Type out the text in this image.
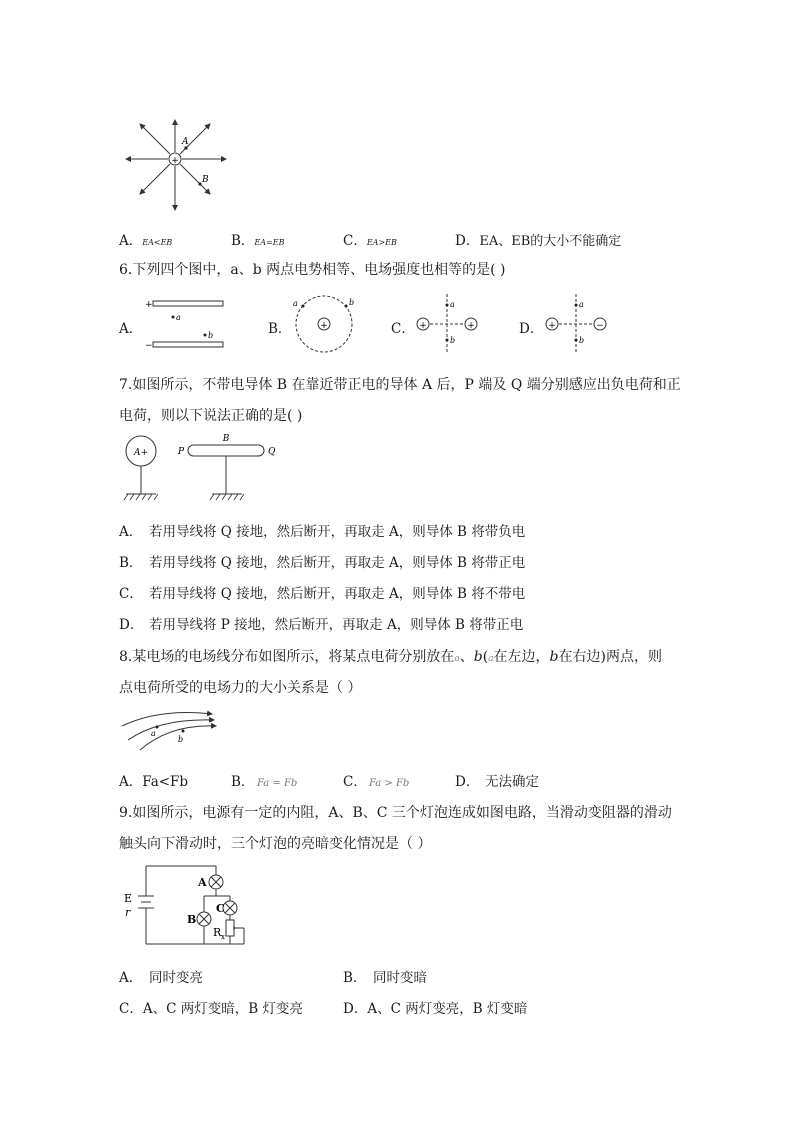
+
A
B
A．EA<EB	B．EA=EB	C．EA>EB	D．EA、EB的大小不能确定
6.下列四个图中，a、b 两点电势相等、电场强度也相等的是( )
A．
+
−
a
b	B．	+
a	b
C． +	+
a
b
D． +	−
a
b
7.如图所示，不带电导体 B 在靠近带正电的导体 A 后，P 端及 Q 端分别感应出负电荷和正
电荷，则以下说法正确的是( )
A+
B
P	Q
A． 若用导线将 Q 接地，然后断开，再取走 A，则导体 B 将带负电
B． 若用导线将 Q 接地，然后断开，再取走 A，则导体 B 将带正电
C． 若用导线将 Q 接地，然后断开，再取走 A，则导体 B 将不带电
D． 若用导线将 P 接地，然后断开，再取走 A，则导体 B 将带正电
8.某电场的电场线分布如图所示，将某点电荷分别放在a、b(a在左边，b在右边)两点，则
点电荷所受的电场力的大小关系是（ ）
a
b
A．Fa<Fb	B． Fa = Fb	C． Fa > Fb	D． 无法确定
9.如图所示，电源有一定的内阻，A、B、C 三个灯泡连成如图电路，当滑动变阻器的滑动
触头向下滑动时，三个灯泡的亮暗变化情况是（ ）
E
r
A
C
B
R x
A． 同时变亮	B． 同时变暗
C．A、C 两灯变暗，B 灯变亮	D．A、C 两灯变亮，B 灯变暗
